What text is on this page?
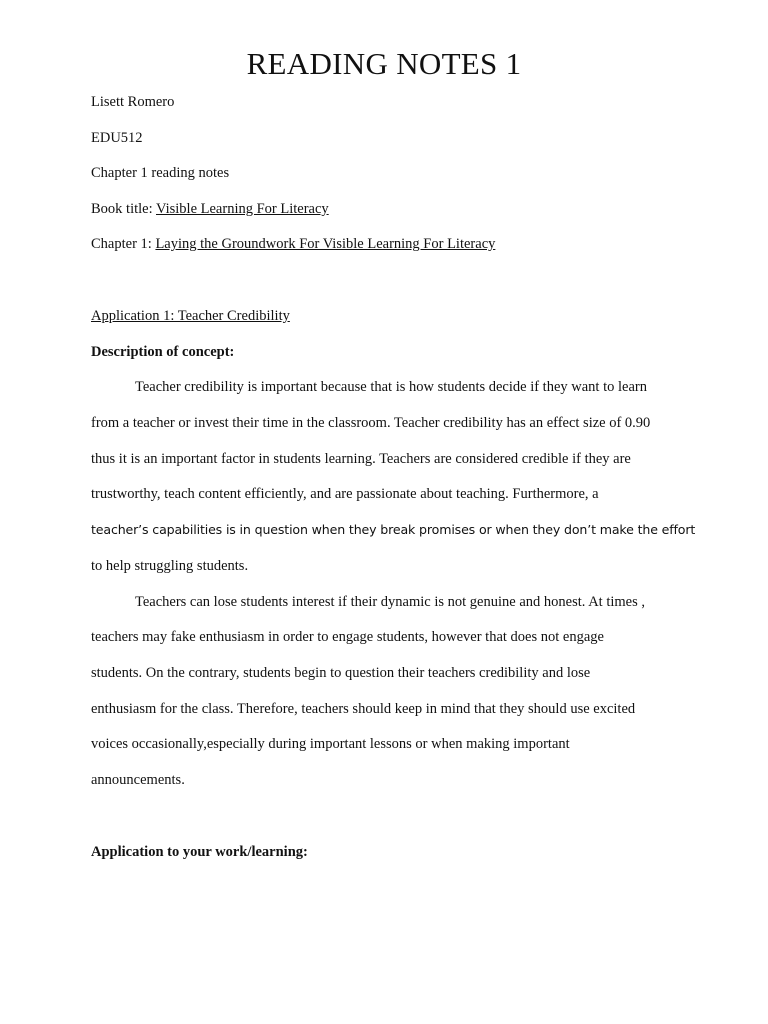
READING NOTES 1
Lisett Romero
EDU512
Chapter 1 reading notes
Book title: Visible Learning For Literacy
Chapter 1: Laying the Groundwork For Visible Learning For Literacy
Application 1: Teacher Credibility
Description of concept:
Teacher credibility is important because that is how students decide if they want to learn
from a teacher or invest their time in the classroom. Teacher credibility has an effect size of 0.90
thus it is an important factor in students learning. Teachers are considered credible if they are
trustworthy, teach content efficiently, and are passionate about teaching. Furthermore, a
teacher’s capabilities is in question when they break promises or when they don’t make the effort
to help struggling students.
Teachers can lose students interest if their dynamic is not genuine and honest. At times ,
teachers may fake enthusiasm in order to engage students, however that does not engage
students. On the contrary, students begin to question their teachers credibility and lose
enthusiasm for the class. Therefore, teachers should keep in mind that they should use excited
voices occasionally,especially during important lessons or when making important
announcements.
Application to your work/learning:
